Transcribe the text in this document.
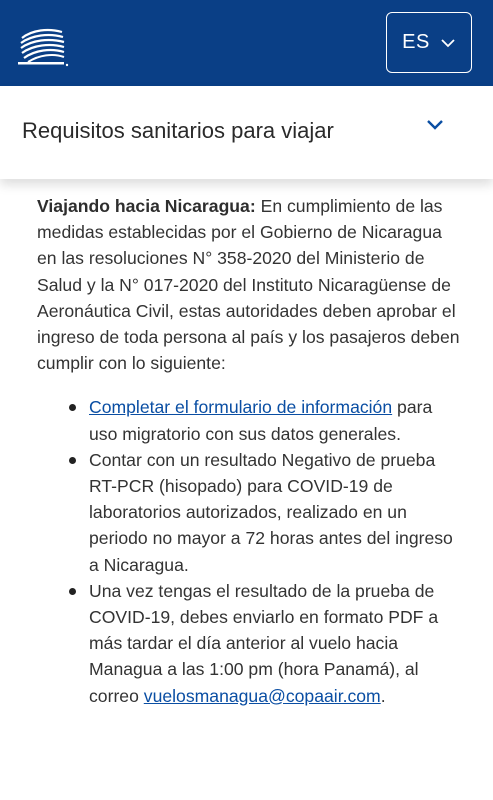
ES
Requisitos sanitarios para viajar

Viajando hacia Nicaragua: En cumplimiento de las medidas establecidas por el Gobierno de Nicaragua en las resoluciones N° 358-2020 del Ministerio de Salud y la N° 017-2020 del Instituto Nicaragüense de Aeronáutica Civil, estas autoridades deben aprobar el ingreso de toda persona al país y los pasajeros deben cumplir con lo siguiente:

Completar el formulario de información para uso migratorio con sus datos generales.
Contar con un resultado Negativo de prueba RT-PCR (hisopado) para COVID-19 de laboratorios autorizados, realizado en un periodo no mayor a 72 horas antes del ingreso a Nicaragua.
Una vez tengas el resultado de la prueba de COVID-19, debes enviarlo en formato PDF a más tardar el día anterior al vuelo hacia Managua a las 1:00 pm (hora Panamá), al correo vuelosmanagua@copaair.com.
